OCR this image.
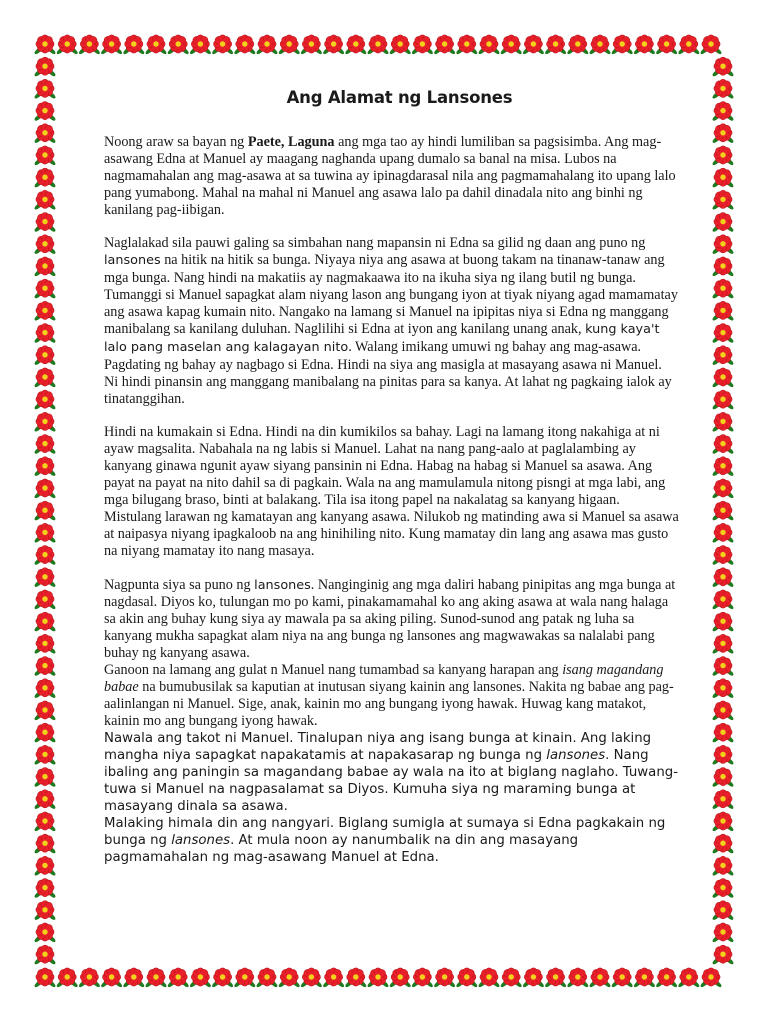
Ang Alamat ng Lansones

Noong araw sa bayan ng Paete, Laguna ang mga tao ay hindi lumiliban sa pagsisimba. Ang mag-asawang Edna at Manuel ay maagang naghanda upang dumalo sa banal na misa. Lubos na nagmamahalan ang mag-asawa at sa tuwina ay ipinagdarasal nila ang pagmamahalang ito upang lalo pang yumabong. Mahal na mahal ni Manuel ang asawa lalo pa dahil dinadala nito ang binhi ng kanilang pag-iibigan.

Naglalakad sila pauwi galing sa simbahan nang mapansin ni Edna sa gilid ng daan ang puno ng lansones na hitik na hitik sa bunga. Niyaya niya ang asawa at buong takam na tinanaw-tanaw ang mga bunga. Nang hindi na makatiis ay nagmakaawa ito na ikuha siya ng ilang butil ng bunga. Tumanggi si Manuel sapagkat alam niyang lason ang bungang iyon at tiyak niyang agad mamamatay ang asawa kapag kumain nito. Nangako na lamang si Manuel na ipipitas niya si Edna ng manggang manibalang sa kanilang duluhan. Naglilihi si Edna at iyon ang kanilang unang anak, kung kaya't lalo pang maselan ang kalagayan nito. Walang imikang umuwi ng bahay ang mag-asawa.

Pagdating ng bahay ay nagbago si Edna. Hindi na siya ang masigla at masayang asawa ni Manuel. Ni hindi pinansin ang manggang manibalang na pinitas para sa kanya. At lahat ng pagkaing ialok ay tinatanggihan.

Hindi na kumakain si Edna. Hindi na din kumikilos sa bahay. Lagi na lamang itong nakahiga at ni ayaw magsalita. Nabahala na ng labis si Manuel. Lahat na nang pang-aalo at paglalambing ay kanyang ginawa ngunit ayaw siyang pansinin ni Edna. Habag na habag si Manuel sa asawa. Ang payat na payat na nito dahil sa di pagkain. Wala na ang mamulamula nitong pisngi at mga labi, ang mga bilugang braso, binti at balakang. Tila isa itong papel na nakalatag sa kanyang higaan. Mistulang larawan ng kamatayan ang kanyang asawa. Nilukob ng matinding awa si Manuel sa asawa at naipasya niyang ipagkaloob na ang hinihiling nito. Kung mamatay din lang ang asawa mas gusto na niyang mamatay ito nang masaya.

Nagpunta siya sa puno ng lansones. Nanginginig ang mga daliri habang pinipitas ang mga bunga at nagdasal. Diyos ko, tulungan mo po kami, pinakamamahal ko ang aking asawa at wala nang halaga sa akin ang buhay kung siya ay mawala pa sa aking piling. Sunod-sunod ang patak ng luha sa kanyang mukha sapagkat alam niya na ang bunga ng lansones ang magwawakas sa nalalabi pang buhay ng kanyang asawa.

Ganoon na lamang ang gulat n Manuel nang tumambad sa kanyang harapan ang isang magandang babae na bumubusilak sa kaputian at inutusan siyang kainin ang lansones. Nakita ng babae ang pag-aalinlangan ni Manuel. Sige, anak, kainin mo ang bungang iyong hawak. Huwag kang matakot, kainin mo ang bungang iyong hawak.

Nawala ang takot ni Manuel. Tinalupan niya ang isang bunga at kinain. Ang laking mangha niya sapagkat napakatamis at napakasarap ng bunga ng lansones. Nang ibaling ang paningin sa magandang babae ay wala na ito at biglang naglaho. Tuwang-tuwa si Manuel na nagpasalamat sa Diyos. Kumuha siya ng maraming bunga at masayang dinala sa asawa.

Malaking himala din ang nangyari. Biglang sumigla at sumaya si Edna pagkakain ng bunga ng lansones. At mula noon ay nanumbalik na din ang masayang pagmamahalan ng mag-asawang Manuel at Edna.
